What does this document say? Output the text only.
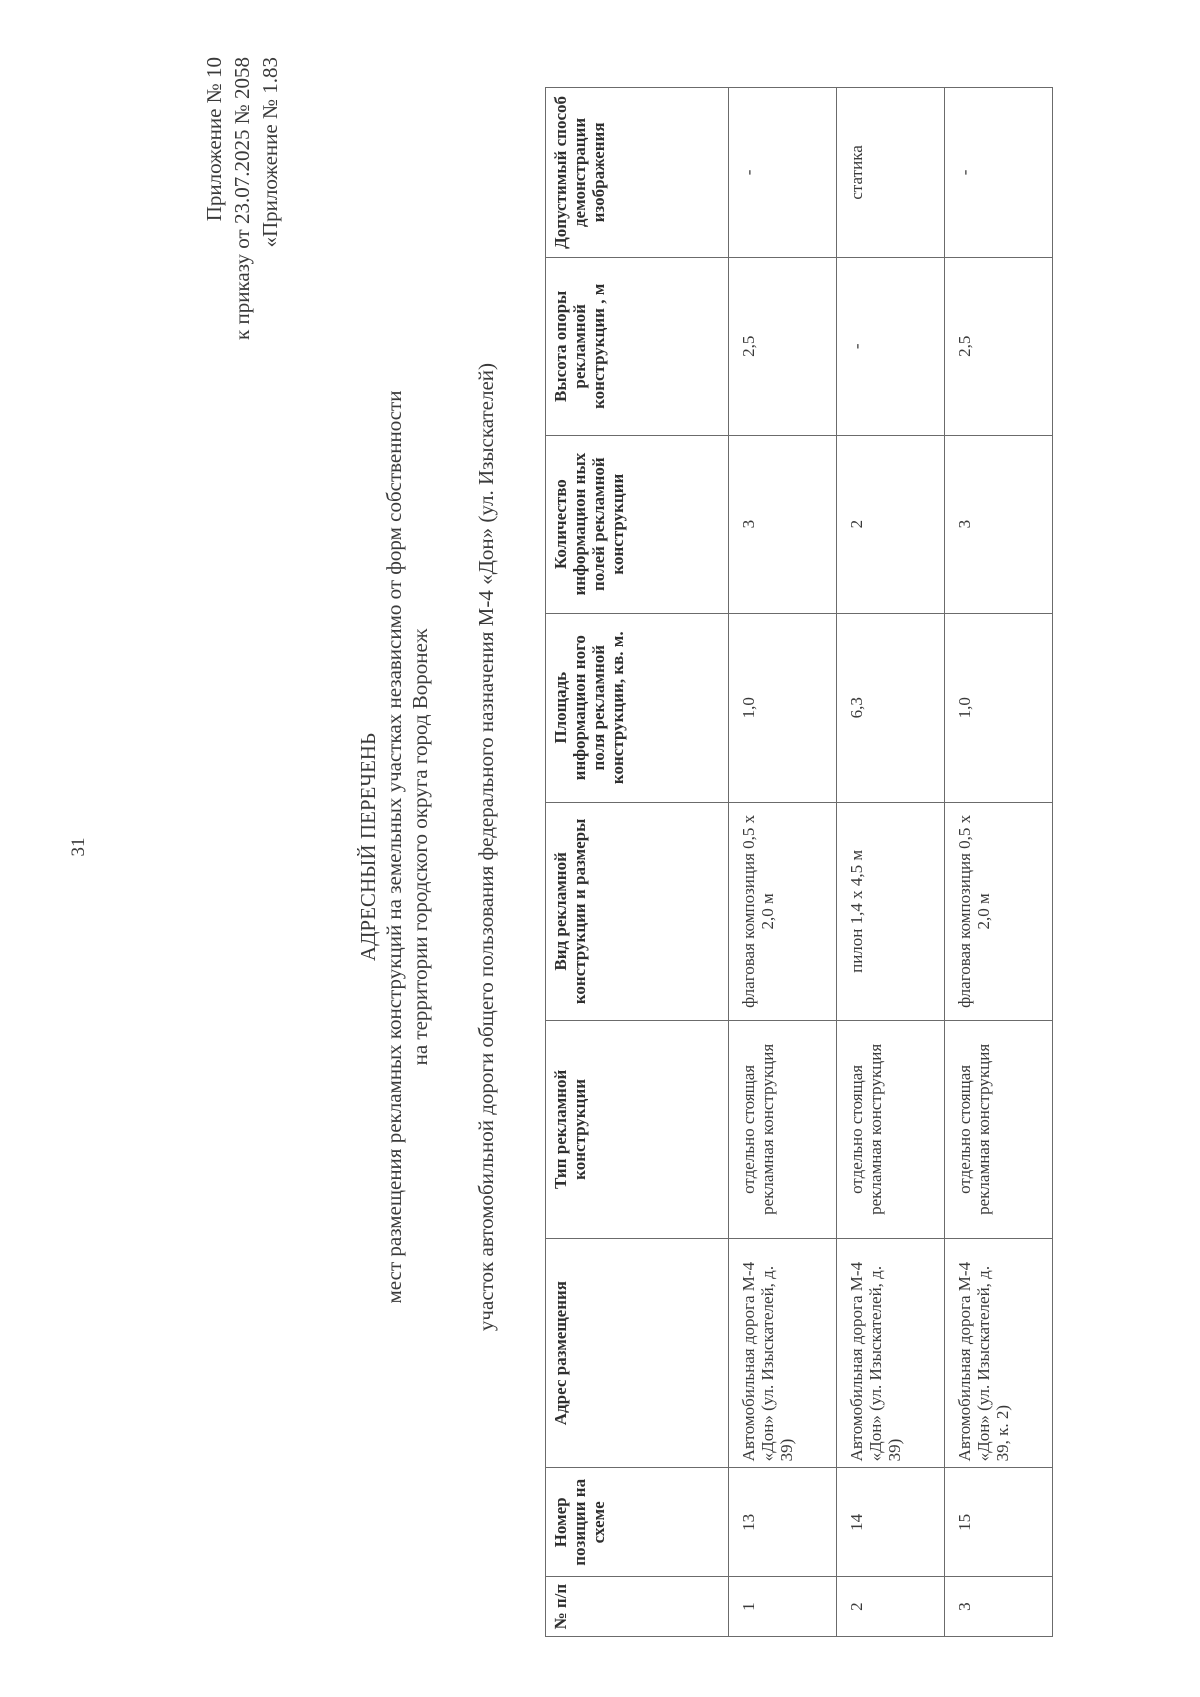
31
Приложение № 10 к приказу от 23.07.2025 № 2058 «Приложение № 1.83
АДРЕСНЫЙ ПЕРЕЧЕНЬ мест размещения рекламных конструкций на земельных участках независимо от форм собственности на территории городского округа город Воронеж участок автомобильной дороги общего пользования федерального назначения М-4 «Дон» (ул. Изыскателей)
№ п/п	Номер позиции на схеме	Адрес размещения	Тип рекламной конструкции	Вид рекламной конструкции и размеры	Площадь информацион ного поля рекламной конструкции, кв. м.	Количество информацион ных полей рекламной конструкции	Высота опоры рекламной конструкции , м	Допустимый способ демонстрации изображения
1	13	Автомобильная дорога М-4 «Дон» (ул. Изыскателей, д. 39)	отдельно стоящая рекламная конструкция	флаговая композиция 0,5 х 2,0 м	1,0	3	2,5	-
2	14	Автомобильная дорога М-4 «Дон» (ул. Изыскателей, д. 39)	отдельно стоящая рекламная конструкция	пилон 1,4 х 4,5 м	6,3	2	-	статика
3	15	Автомобильная дорога М-4 «Дон» (ул. Изыскателей, д. 39, к. 2)	отдельно стоящая рекламная конструкция	флаговая композиция 0,5 х 2,0 м	1,0	3	2,5	-
